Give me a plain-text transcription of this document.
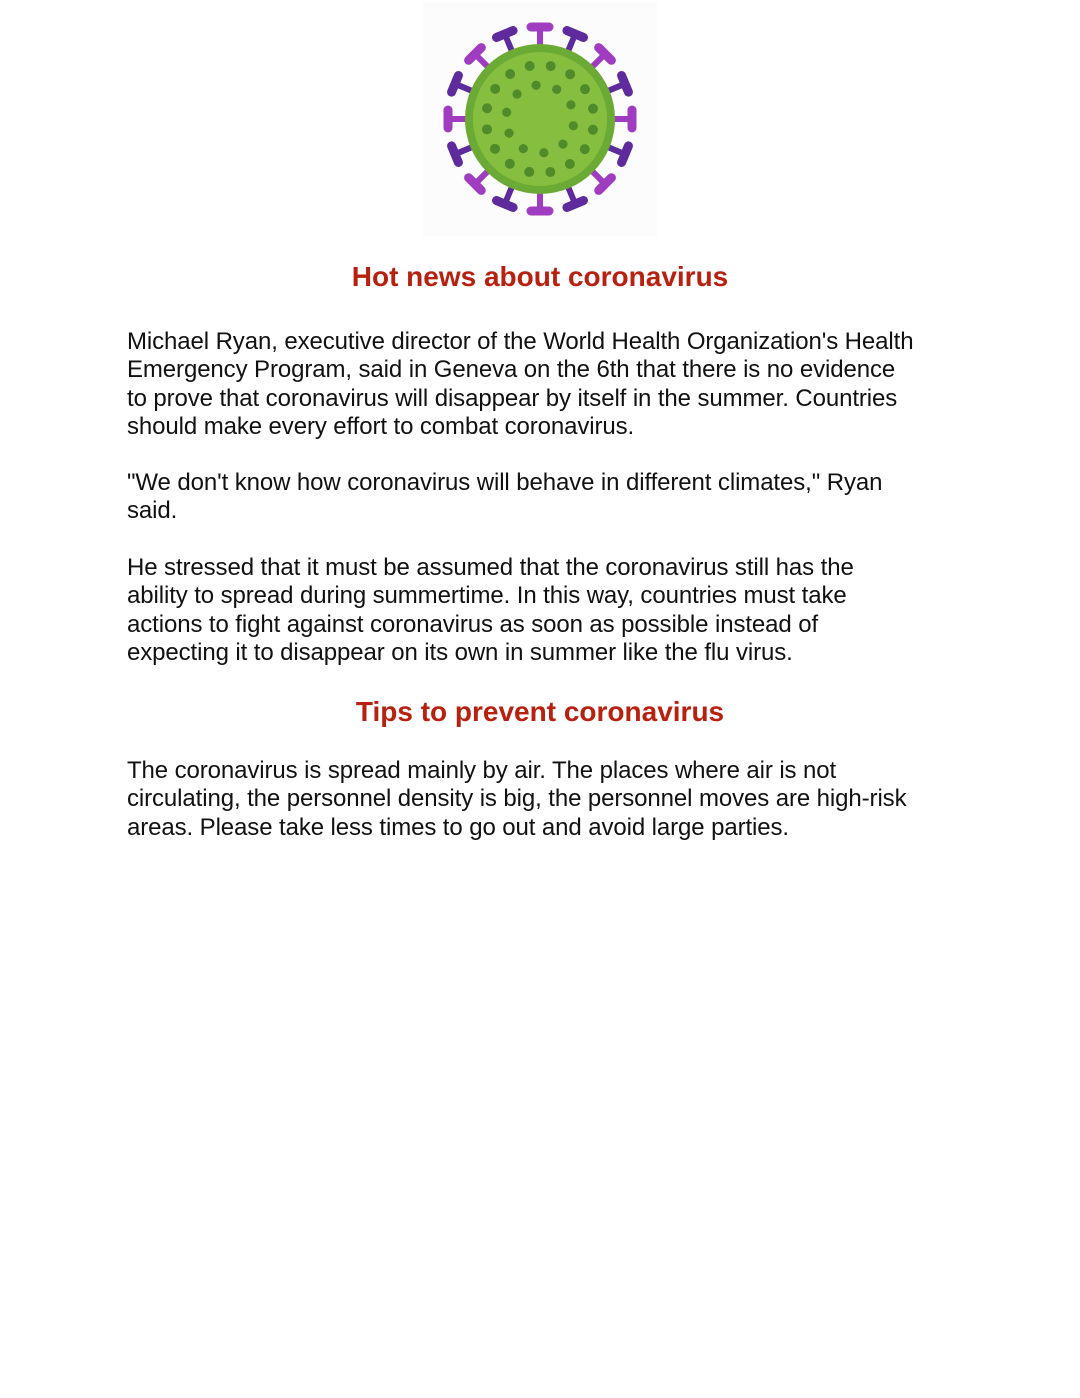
Hot news about coronavirus

Michael Ryan, executive director of the World Health Organization's Health
Emergency Program, said in Geneva on the 6th that there is no evidence
to prove that coronavirus will disappear by itself in the summer. Countries
should make every effort to combat coronavirus.

"We don't know how coronavirus will behave in different climates," Ryan
said.

He stressed that it must be assumed that the coronavirus still has the
ability to spread during summertime. In this way, countries must take
actions to fight against coronavirus as soon as possible instead of
expecting it to disappear on its own in summer like the flu virus.

Tips to prevent coronavirus

The coronavirus is spread mainly by air. The places where air is not
circulating, the personnel density is big, the personnel moves are high-risk
areas. Please take less times to go out and avoid large parties.
